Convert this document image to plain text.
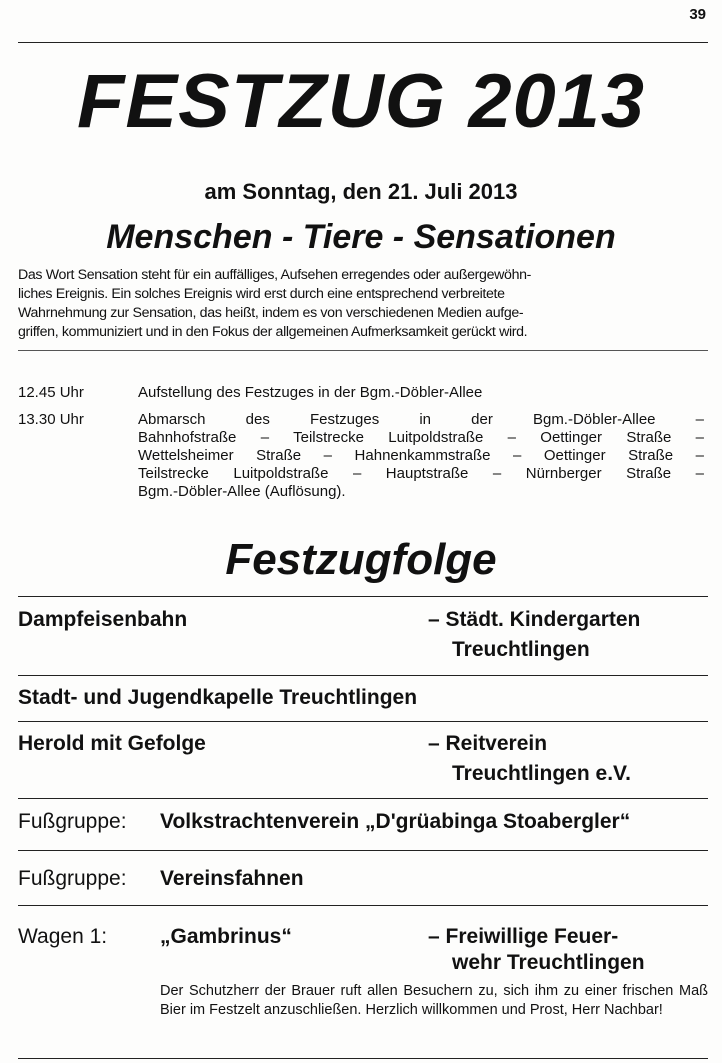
39
FESTZUG 2013
am Sonntag, den 21. Juli 2013
Menschen - Tiere - Sensationen
Das Wort Sensation steht für ein auffälliges, Aufsehen erregendes oder außergewöhn-
liches Ereignis. Ein solches Ereignis wird erst durch eine entsprechend verbreitete
Wahrnehmung zur Sensation, das heißt, indem es von verschiedenen Medien aufge-
griffen, kommuniziert und in den Fokus der allgemeinen Aufmerksamkeit gerückt wird.
12.45 Uhr	Aufstellung des Festzuges in der Bgm.-Döbler-Allee
13.30 Uhr	Abmarsch des Festzuges in der Bgm.-Döbler-Allee –
Bahnhofstraße – Teilstrecke Luitpoldstraße – Oettinger Straße –
Wettelsheimer Straße – Hahnenkammstraße – Oettinger Straße –
Teilstrecke Luitpoldstraße – Hauptstraße – Nürnberger Straße –
Bgm.-Döbler-Allee (Auflösung).
Festzugfolge
Dampfeisenbahn	– Städt. Kindergarten
Treuchtlingen
Stadt- und Jugendkapelle Treuchtlingen
Herold mit Gefolge	– Reitverein
Treuchtlingen e.V.
Fußgruppe: Volkstrachtenverein „D'grüabinga Stoabergler“
Fußgruppe: Vereinsfahnen
Wagen 1:	„Gambrinus“	– Freiwillige Feuer-
wehr Treuchtlingen
Der Schutzherr der Brauer ruft allen Besuchern zu, sich ihm zu einer frischen Maß Bier im Festzelt anzuschließen. Herzlich willkommen und Prost, Herr Nachbar!
